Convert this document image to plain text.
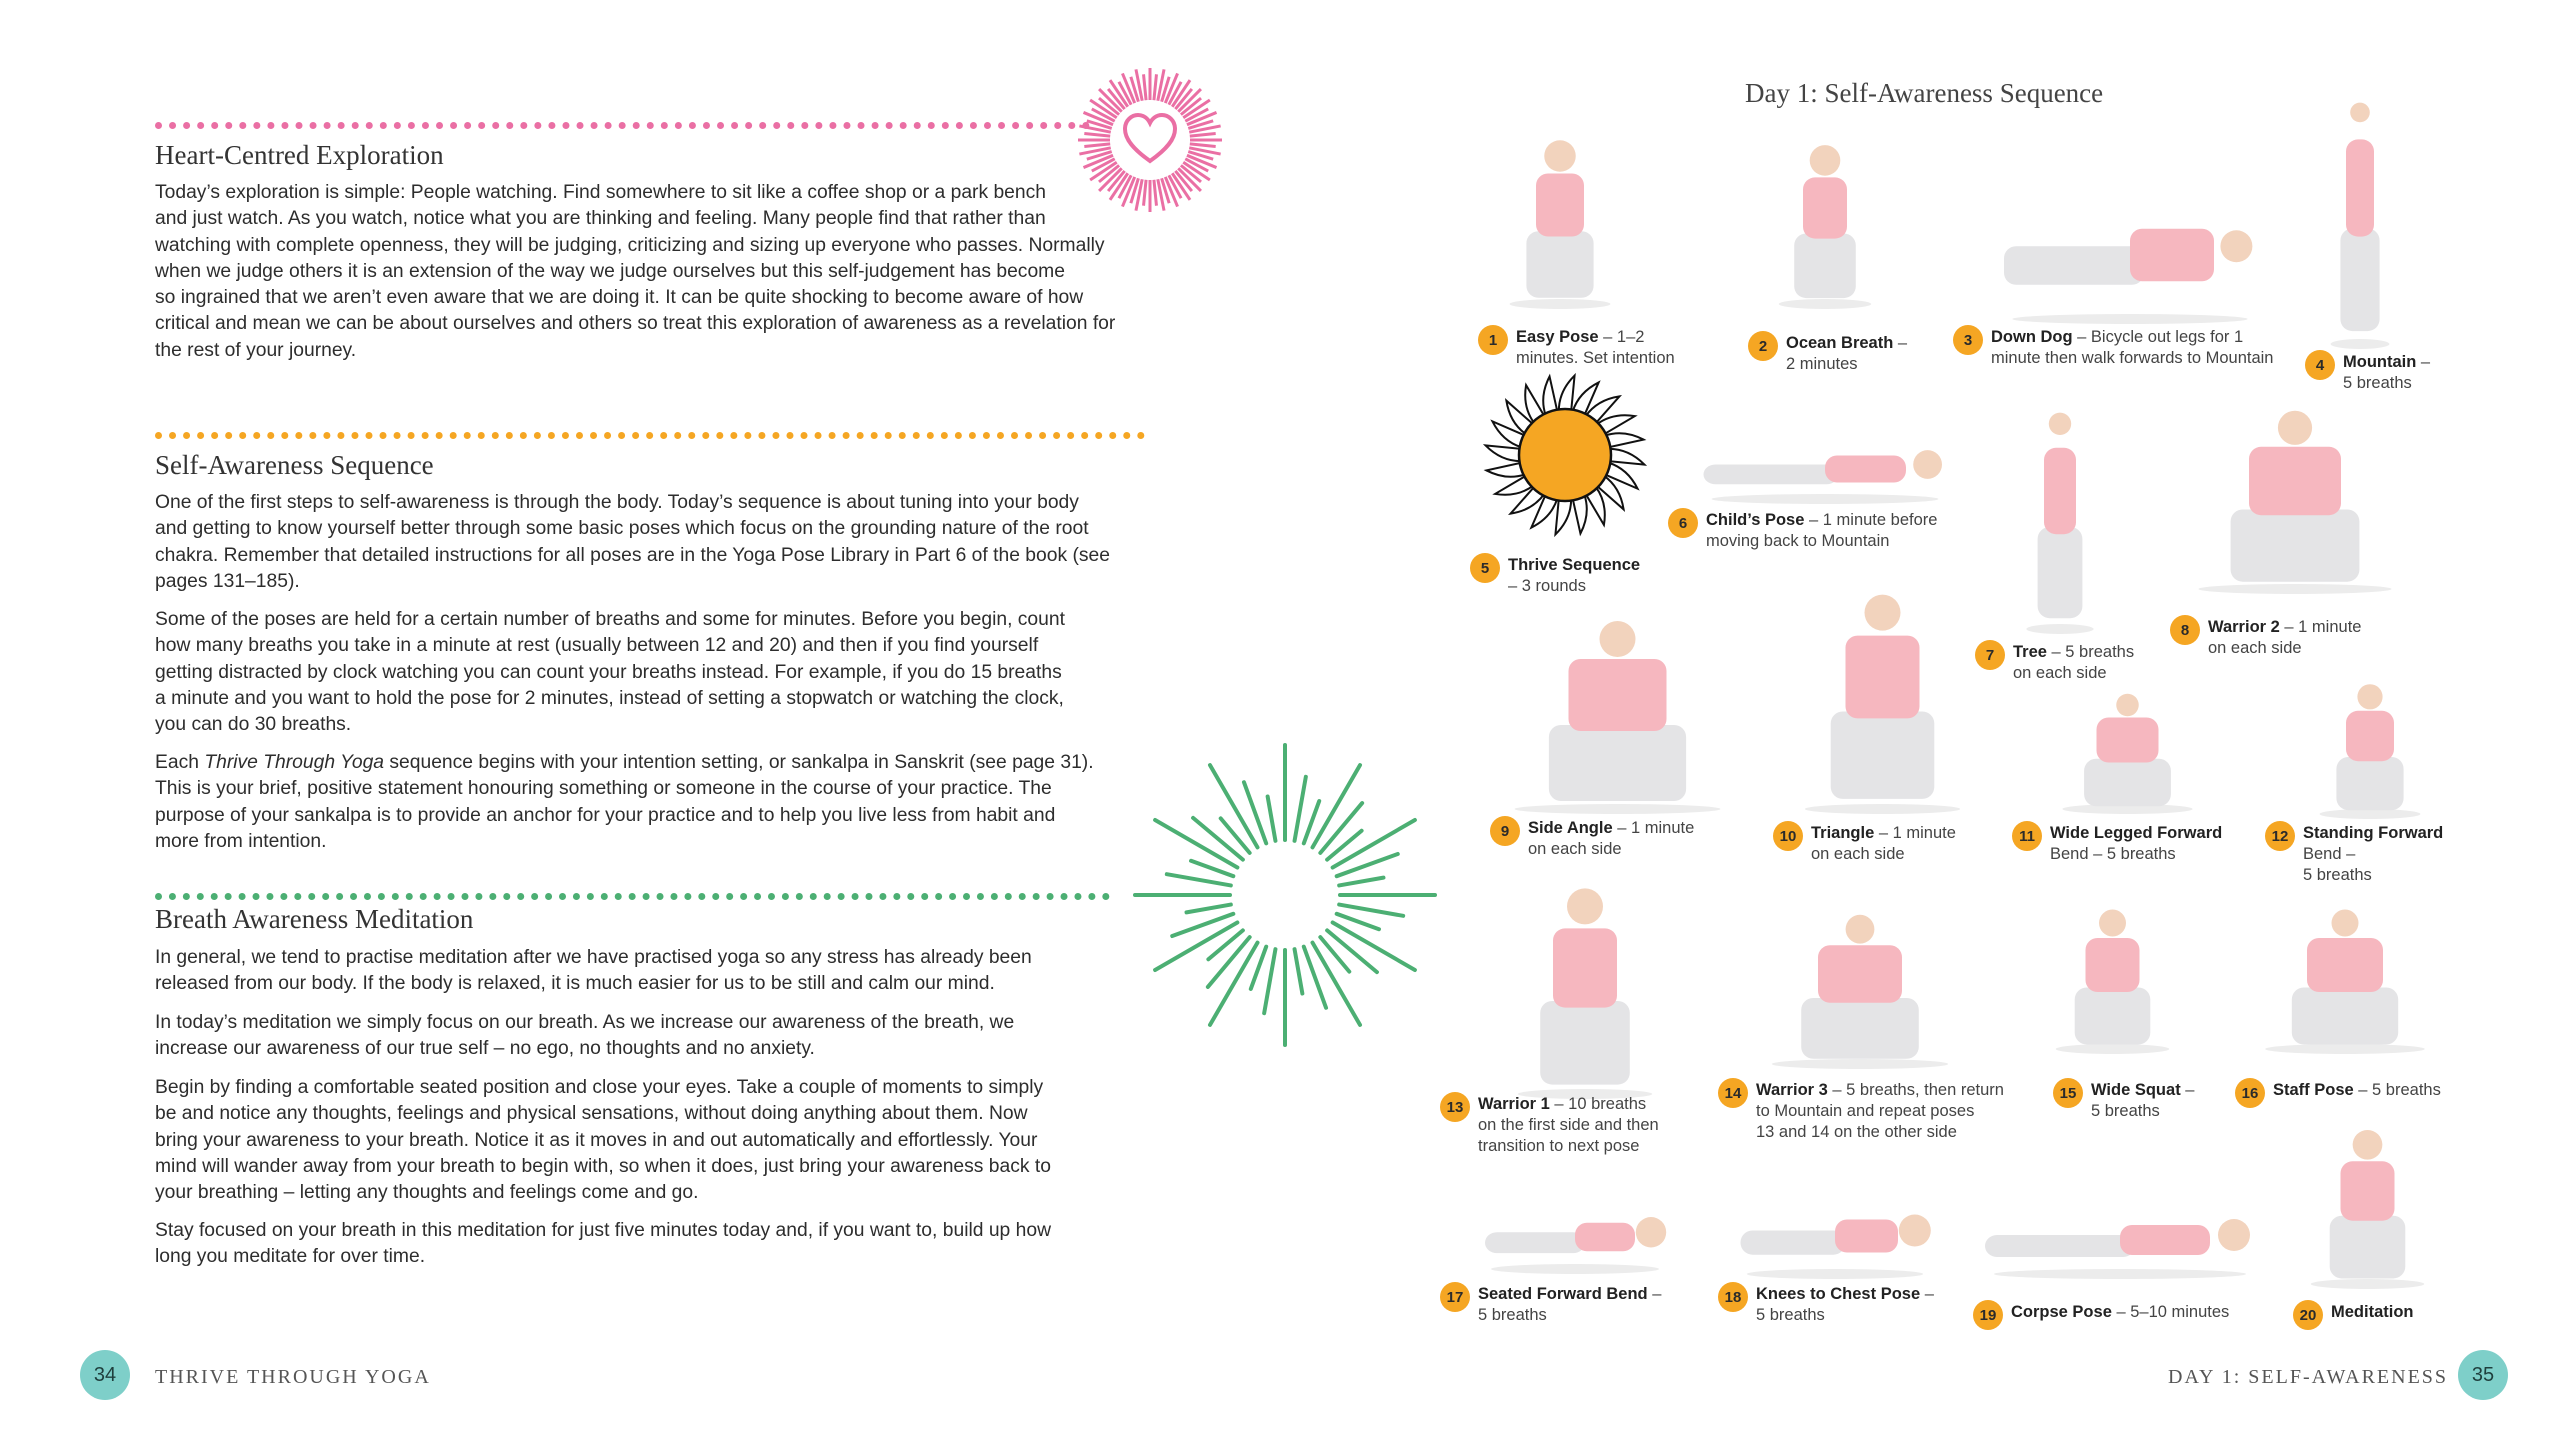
Heart-Centred Exploration
Today’s exploration is simple: People watching. Find somewhere to sit like a coffee shop or a park bench
and just watch. As you watch, notice what you are thinking and feeling. Many people find that rather than
watching with complete openness, they will be judging, criticizing and sizing up everyone who passes. Normally
when we judge others it is an extension of the way we judge ourselves but this self-judgement has become
so ingrained that we aren’t even aware that we are doing it. It can be quite shocking to become aware of how
critical and mean we can be about ourselves and others so treat this exploration of awareness as a revelation for
the rest of your journey.
Self-Awareness Sequence
One of the first steps to self-awareness is through the body. Today’s sequence is about tuning into your body
and getting to know yourself better through some basic poses which focus on the grounding nature of the root
chakra. Remember that detailed instructions for all poses are in the Yoga Pose Library in Part 6 of the book (see
pages 131–185).
Some of the poses are held for a certain number of breaths and some for minutes. Before you begin, count
how many breaths you take in a minute at rest (usually between 12 and 20) and then if you find yourself
getting distracted by clock watching you can count your breaths instead. For example, if you do 15 breaths
a minute and you want to hold the pose for 2 minutes, instead of setting a stopwatch or watching the clock,
you can do 30 breaths.
Each Thrive Through Yoga sequence begins with your intention setting, or sankalpa in Sanskrit (see page 31).
This is your brief, positive statement honouring something or someone in the course of your practice. The
purpose of your sankalpa is to provide an anchor for your practice and to help you live less from habit and
more from intention.
Breath Awareness Meditation
In general, we tend to practise meditation after we have practised yoga so any stress has already been
released from our body. If the body is relaxed, it is much easier for us to be still and calm our mind.
In today’s meditation we simply focus on our breath. As we increase our awareness of the breath, we
increase our awareness of our true self – no ego, no thoughts and no anxiety.
Begin by finding a comfortable seated position and close your eyes. Take a couple of moments to simply
be and notice any thoughts, feelings and physical sensations, without doing anything about them. Now
bring your awareness to your breath. Notice it as it moves in and out automatically and effortlessly. Your
mind will wander away from your breath to begin with, so when it does, just bring your awareness back to
your breathing – letting any thoughts and feelings come and go.
Stay focused on your breath in this meditation for just five minutes today and, if you want to, build up how
long you meditate for over time.
34	THRIVE THROUGH YOGA
Day 1: Self-Awareness Sequence
1	Easy Pose – 1–2
minutes. Set intention
2	Ocean Breath –
2 minutes
3	Down Dog – Bicycle out legs for 1
minute then walk forwards to Mountain	4	Mountain –
5 breaths
5	Thrive Sequence
– 3 rounds
6	Child’s Pose – 1 minute before
moving back to Mountain
7	Tree – 5 breaths
on each side
8	Warrior 2 – 1 minute
on each side
9	Side Angle – 1 minute
on each side
10 Triangle – 1 minute
on each side
11 Wide Legged Forward
Bend – 5 breaths
12 Standing Forward
Bend –
5 breaths
13 Warrior 1 – 10 breaths
on the first side and then
transition to next pose
14 Warrior 3 – 5 breaths, then return
to Mountain and repeat poses
13 and 14 on the other side
15 Wide Squat –
5 breaths
16 Staff Pose – 5 breaths
17 Seated Forward Bend –
5 breaths
18 Knees to Chest Pose –
5 breaths	19 Corpse Pose – 5–10 minutes	20 Meditation
DAY 1: SELF-AWARENESS	35
